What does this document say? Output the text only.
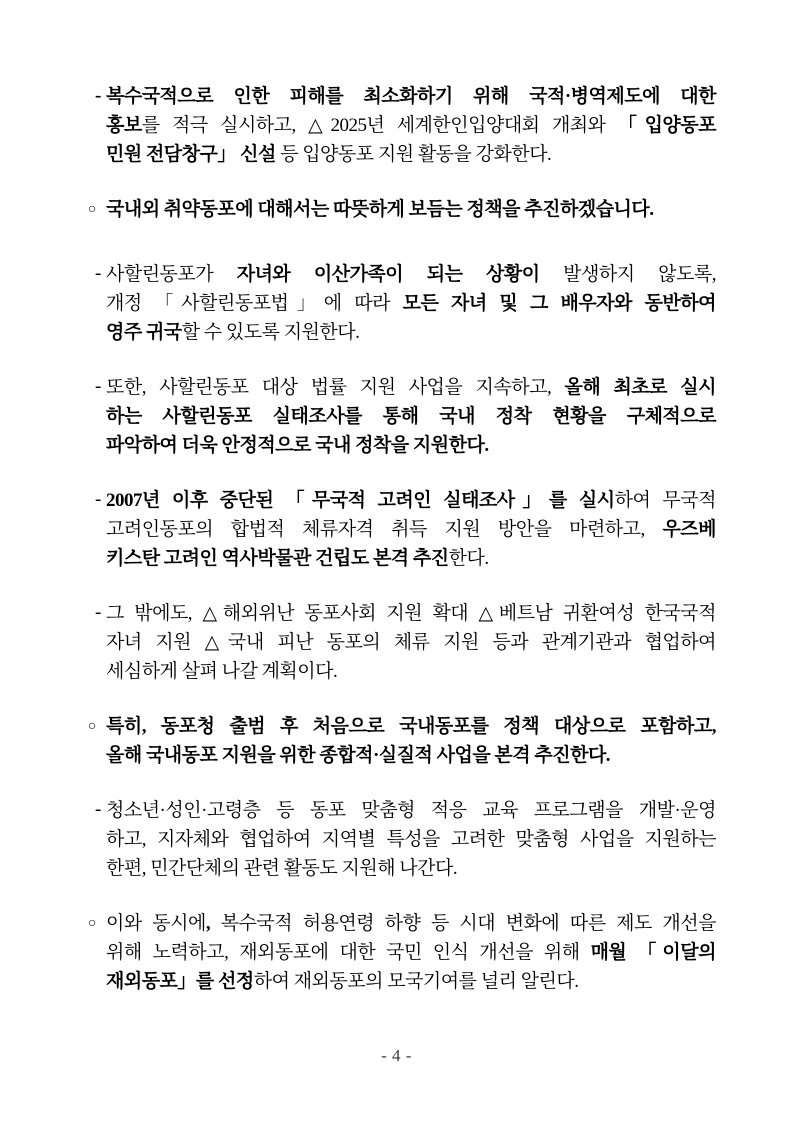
- 복수국적으로 인한 피해를 최소화하기 위해 국적·병역제도에 대한
홍보를 적극 실시하고, △2025년 세계한인입양대회 개최와 「입양동포
민원 전담창구」 신설 등 입양동포 지원 활동을 강화한다.
○ 국내외 취약동포에 대해서는 따뜻하게 보듬는 정책을 추진하겠습니다.
- 사할린동포가 자녀와 이산가족이 되는 상황이 발생하지 않도록,
개정 「사할린동포법」에 따라 모든 자녀 및 그 배우자와 동반하여
영주 귀국할 수 있도록 지원한다.
- 또한, 사할린동포 대상 법률 지원 사업을 지속하고, 올해 최초로 실시
하는 사할린동포 실태조사를 통해 국내 정착 현황을 구체적으로
파악하여 더욱 안정적으로 국내 정착을 지원한다.
- 2007년 이후 중단된 「무국적 고려인 실태조사」를 실시하여 무국적
고려인동포의 합법적 체류자격 취득 지원 방안을 마련하고, 우즈베
키스탄 고려인 역사박물관 건립도 본격 추진한다.
- 그 밖에도, △해외위난 동포사회 지원 확대 △베트남 귀환여성 한국국적
자녀 지원 △국내 피난 동포의 체류 지원 등과 관계기관과 협업하여
세심하게 살펴 나갈 계획이다.
○ 특히, 동포청 출범 후 처음으로 국내동포를 정책 대상으로 포함하고,
올해 국내동포 지원을 위한 종합적·실질적 사업을 본격 추진한다.
- 청소년·성인·고령층 등 동포 맞춤형 적응 교육 프로그램을 개발·운영
하고, 지자체와 협업하여 지역별 특성을 고려한 맞춤형 사업을 지원하는
한편, 민간단체의 관련 활동도 지원해 나간다.
○ 이와 동시에, 복수국적 허용연령 하향 등 시대 변화에 따른 제도 개선을
위해 노력하고, 재외동포에 대한 국민 인식 개선을 위해 매월 「이달의
재외동포」를 선정하여 재외동포의 모국기여를 널리 알린다.
- 4 -
